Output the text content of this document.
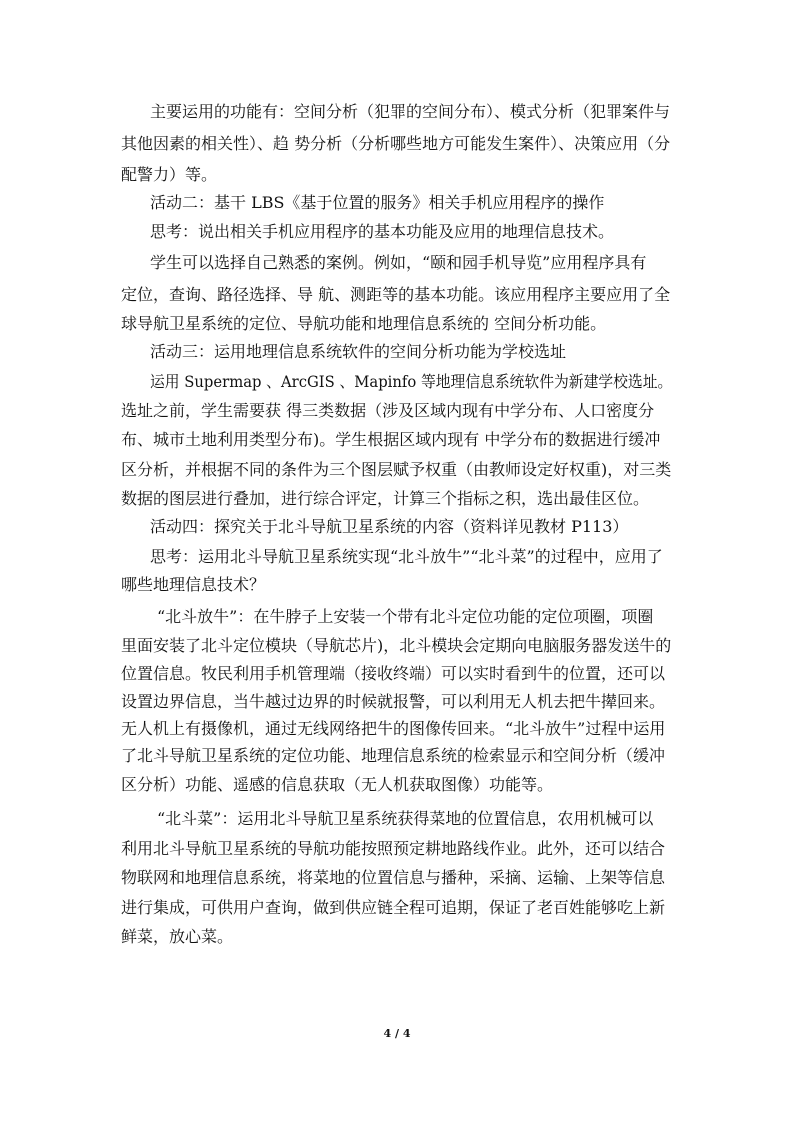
主要运用的功能有：空间分析（犯罪的空间分布）、模式分析（犯罪案件与
其他因素的相关性）、趋 势分析（分析哪些地方可能发生案件）、决策应用（分
配警力）等。
活动二：基干 LBS《基于位置的服务》相关手机应用程序的操作
思考：说出相关手机应用程序的基本功能及应用的地理信息技术。
学生可以选择自己熟悉的案例。例如，“颐和园手机导览”应用程序具有
定位，查询、路径选择、导 航、测距等的基本功能。该应用程序主要应用了全
球导航卫星系统的定位、导航功能和地理信息系统的 空间分析功能。
活动三：运用地理信息系统软件的空间分析功能为学校选址
运用 Supermap 、ArcGIS 、Mapinfo 等地理信息系统软件为新建学校选址。
选址之前，学生需要获 得三类数据（涉及区域内现有中学分布、人口密度分
布、城市土地利用类型分布)。学生根据区域内现有 中学分布的数据进行缓冲
区分析，并根据不同的条件为三个图层赋予权重（由教师设定好权重)，对三类
数据的图层进行叠加，进行综合评定，计算三个指标之积，选出最佳区位。
活动四：探究关于北斗导航卫星系统的内容（资料详见教材 P113）
思考：运用北斗导航卫星系统实现“北斗放牛”“北斗菜”的过程中，应用了
哪些地理信息技术？
“北斗放牛”：在牛脖子上安装一个带有北斗定位功能的定位项圈，项圈
里面安装了北斗定位模块（导航芯片)，北斗模块会定期向电脑服务器发送牛的
位置信息。牧民利用手机管理端（接收终端）可以实时看到牛的位置，还可以
设置边界信息，当牛越过边界的时候就报警，可以利用无人机去把牛撵回来。
无人机上有摄像机，通过无线网络把牛的图像传回来。“北斗放牛”过程中运用
了北斗导航卫星系统的定位功能、地理信息系统的检索显示和空间分析（缓冲
区分析）功能、遥感的信息获取（无人机获取图像）功能等。
“北斗菜”：运用北斗导航卫星系统获得菜地的位置信息，农用机械可以
利用北斗导航卫星系统的导航功能按照预定耕地路线作业。此外，还可以结合
物联网和地理信息系统，将菜地的位置信息与播种，采摘、运输、上架等信息
进行集成，可供用户查询，做到供应链全程可追期，保证了老百姓能够吃上新
鲜菜，放心菜。
4 / 4
